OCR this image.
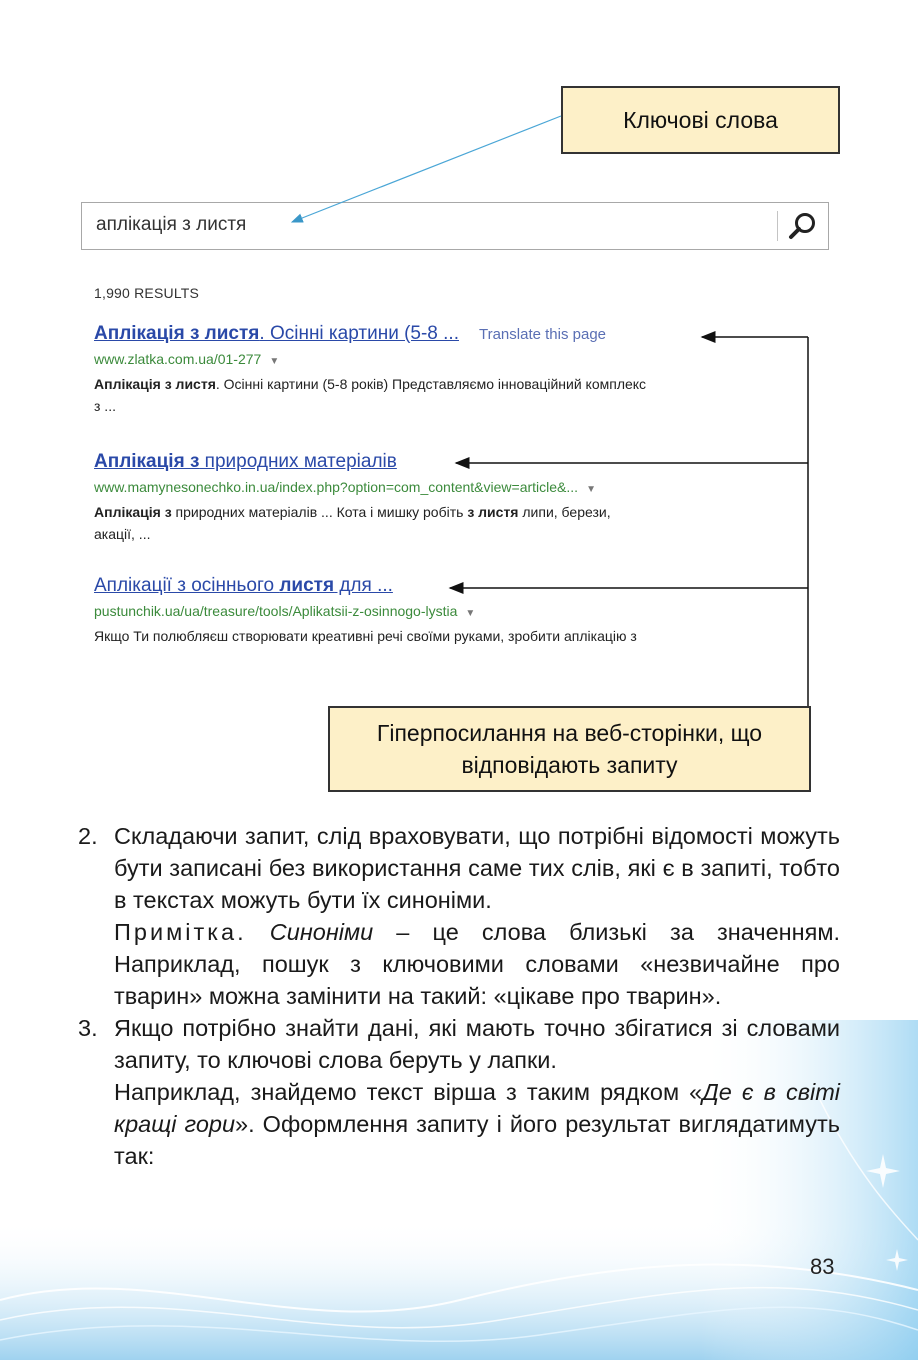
Ключові слова
аплікація з листя
1,990 RESULTS
Аплікація з листя. Осінні картини (5-8 ... Translate this page
www.zlatka.com.ua/01-277 ▼
Аплікація з листя. Осінні картини (5-8 років) Представляємо інноваційний комплекс
з ...
Аплікація з природних матеріалів
www.mamynesonechko.in.ua/index.php?option=com_content&view=article&... ▼
Аплікація з природних матеріалів ... Кота і мишку робіть з листя липи, берези,
акації, ...
Аплікації з осіннього листя для ...
pustunchik.ua/ua/treasure/tools/Aplikatsii-z-osinnogo-lystia ▼
Якщо Ти полюбляєш створювати креативні речі своїми руками, зробити аплікацію з
Гіперпосилання на веб-сторінки, що
відповідають запиту
2. Складаючи запит, слід враховувати, що потрібні відомості можуть бути записані без використання саме тих слів, які є в запиті, тобто в текстах можуть бути їх синоніми.
Примітка. Синоніми – це слова близькі за значенням. Наприклад, пошук з ключовими словами «незвичайне про тварин» можна замінити на такий: «цікаве про тварин».
3. Якщо потрібно знайти дані, які мають точно збігатися зі словами запиту, то ключові слова беруть у лапки.
Наприклад, знайдемо текст вірша з таким рядком «Де є в світі кращі гори». Оформлення запиту і його результат виглядатимуть так:
83
